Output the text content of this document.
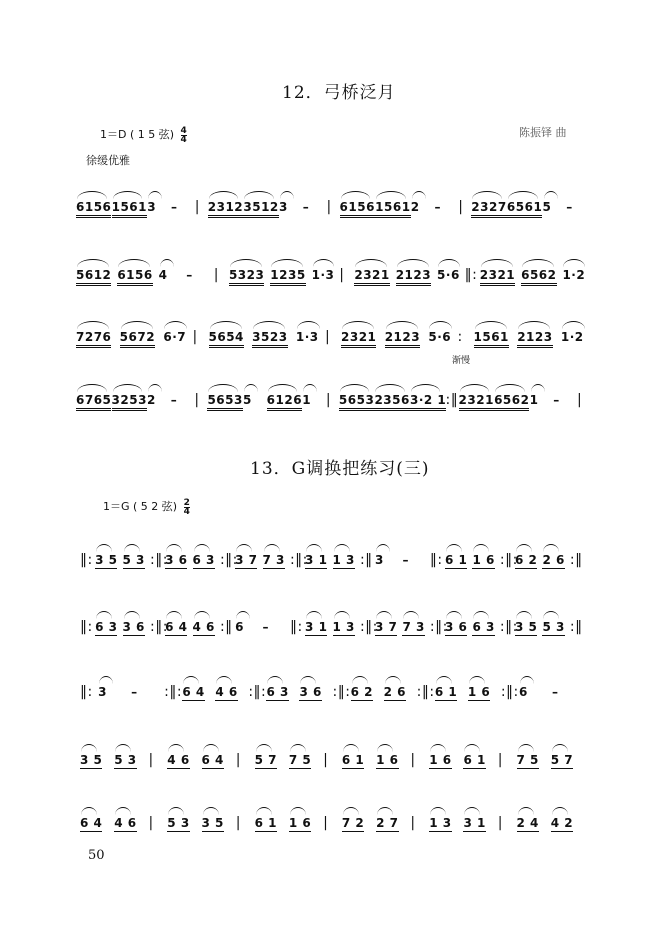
12．弓桥泛月
1＝D ( 1 5 弦) $\frac{4}{4}$	陈振铎 曲
徐缓优雅
渐慢
6156 1561 3 – | 2312 3512 3 – | 6156 1561 2 – | 2327 6561 5 –
5612 6156 4 – | 5323 1235 1·3 | 2321 2123 5·6 ‖: 2321 6562 1·2
7276 5672 6·7 | 5654 3523 1·3 | 2321 2123 5·6 : 1561 2123 1·2
6765 3253 2 – | 5653 5 6126 1 | 5653 2356 3·2 1 :‖ 2321 6562 1 – |
13．G调换把练习(三)
1＝G ( 5 2 弦) $\frac{2}{4}$
‖: 3 5 5 3 :‖:
3 6 6 3 :‖:
3 7 7 3 :‖:
3 1 1 3 :‖ 3 – ‖: 6 1 1 6 :‖:
6 2 2 6 :‖
‖: 6 3 3 6 :‖:
6 4 4 6 :‖ 6 – ‖: 3 1 1 3 :‖:
3 7 7 3 :‖:
3 6 6 3 :‖:
3 5 5 3 :‖
‖: 3 – :‖: 6 4 4 6 :‖: 6 3 3 6 :‖: 6 2 2 6 :‖: 6 1 1 6 :‖: 6 –
3 5 5 3 | 4 6 6 4 | 5 7 7 5 | 6 1 1 6 | 1 6 6 1 | 7 5 5 7
6 4 4 6 | 5 3 3 5 | 6 1 1 6 | 7 2 2 7 | 1 3 3 1 | 2 4 4 2
50
